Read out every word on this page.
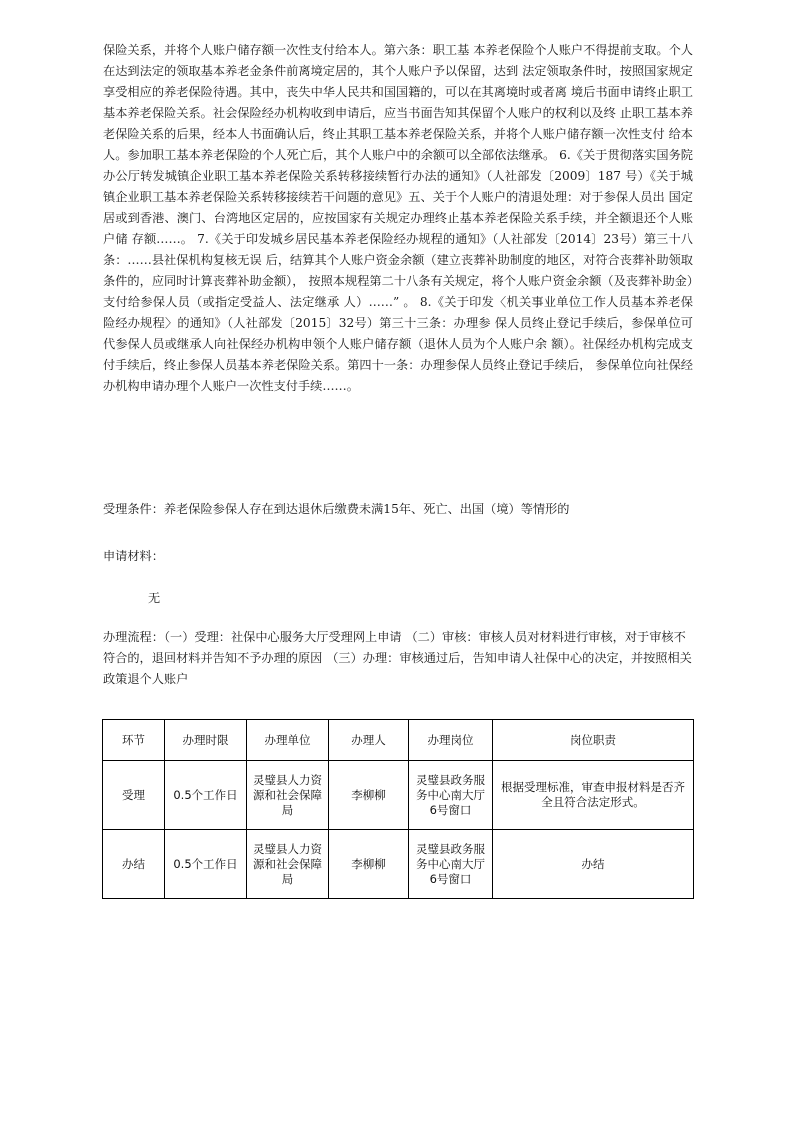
保险关系，并将个人账户储存额一次性支付给本人。第六条：职工基 本养老保险个人账户不得提前支取。个人在达到法定的领取基本养老金条件前离境定居的，其个人账户予以保留，达到 法定领取条件时，按照国家规定享受相应的养老保险待遇。其中，丧失中华人民共和国国籍的，可以在其离境时或者离 境后书面申请终止职工基本养老保险关系。社会保险经办机构收到申请后，应当书面告知其保留个人账户的权利以及终 止职工基本养老保险关系的后果，经本人书面确认后，终止其职工基本养老保险关系，并将个人账户储存额一次性支付 给本人。参加职工基本养老保险的个人死亡后，其个人账户中的余额可以全部依法继承。 6.《关于贯彻落实国务院办公厅转发城镇企业职工基本养老保险关系转移接续暂行办法的通知》（人社部发〔2009〕187 号）《关于城镇企业职工基本养老保险关系转移接续若干问题的意见》五、关于个人账户的清退处理：对于参保人员出 国定居或到香港、澳门、台湾地区定居的，应按国家有关规定办理终止基本养老保险关系手续，并全额退还个人账户储 存额……。 7.《关于印发城乡居民基本养老保险经办规程的通知》（人社部发〔2014〕23号）第三十八条：……县社保机构复核无误 后，结算其个人账户资金余额（建立丧葬补助制度的地区，对符合丧葬补助领取条件的，应同时计算丧葬补助金额）， 按照本规程第二十八条有关规定，将个人账户资金余额（及丧葬补助金）支付给参保人员（或指定受益人、法定继承 人）……” 。 8.《关于印发〈机关事业单位工作人员基本养老保险经办规程〉的通知》（人社部发〔2015〕32号）第三十三条：办理参 保人员终止登记手续后，参保单位可代参保人员或继承人向社保经办机构申领个人账户储存额（退休人员为个人账户余 额）。社保经办机构完成支付手续后，终止参保人员基本养老保险关系。第四十一条：办理参保人员终止登记手续后， 参保单位向社保经办机构申请办理个人账户一次性支付手续……。

受理条件：养老保险参保人存在到达退休后缴费未满15年、死亡、出国（境）等情形的
申请材料：
无
办理流程：（一）受理：社保中心服务大厅受理网上申请 （二）审核：审核人员对材料进行审核，对于审核不符合的，退回材料并告知不予办理的原因 （三）办理：审核通过后，告知申请人社保中心的决定，并按照相关政策退个人账户
环节	办理时限	办理单位	办理人	办理岗位	岗位职责
受理	0.5个工作日	灵璧县人力资源和社会保障局	李柳柳	灵璧县政务服务中心南大厅6号窗口	根据受理标准，审查申报材料是否齐全且符合法定形式。
办结	0.5个工作日	灵璧县人力资源和社会保障局	李柳柳	灵璧县政务服务中心南大厅6号窗口	办结
